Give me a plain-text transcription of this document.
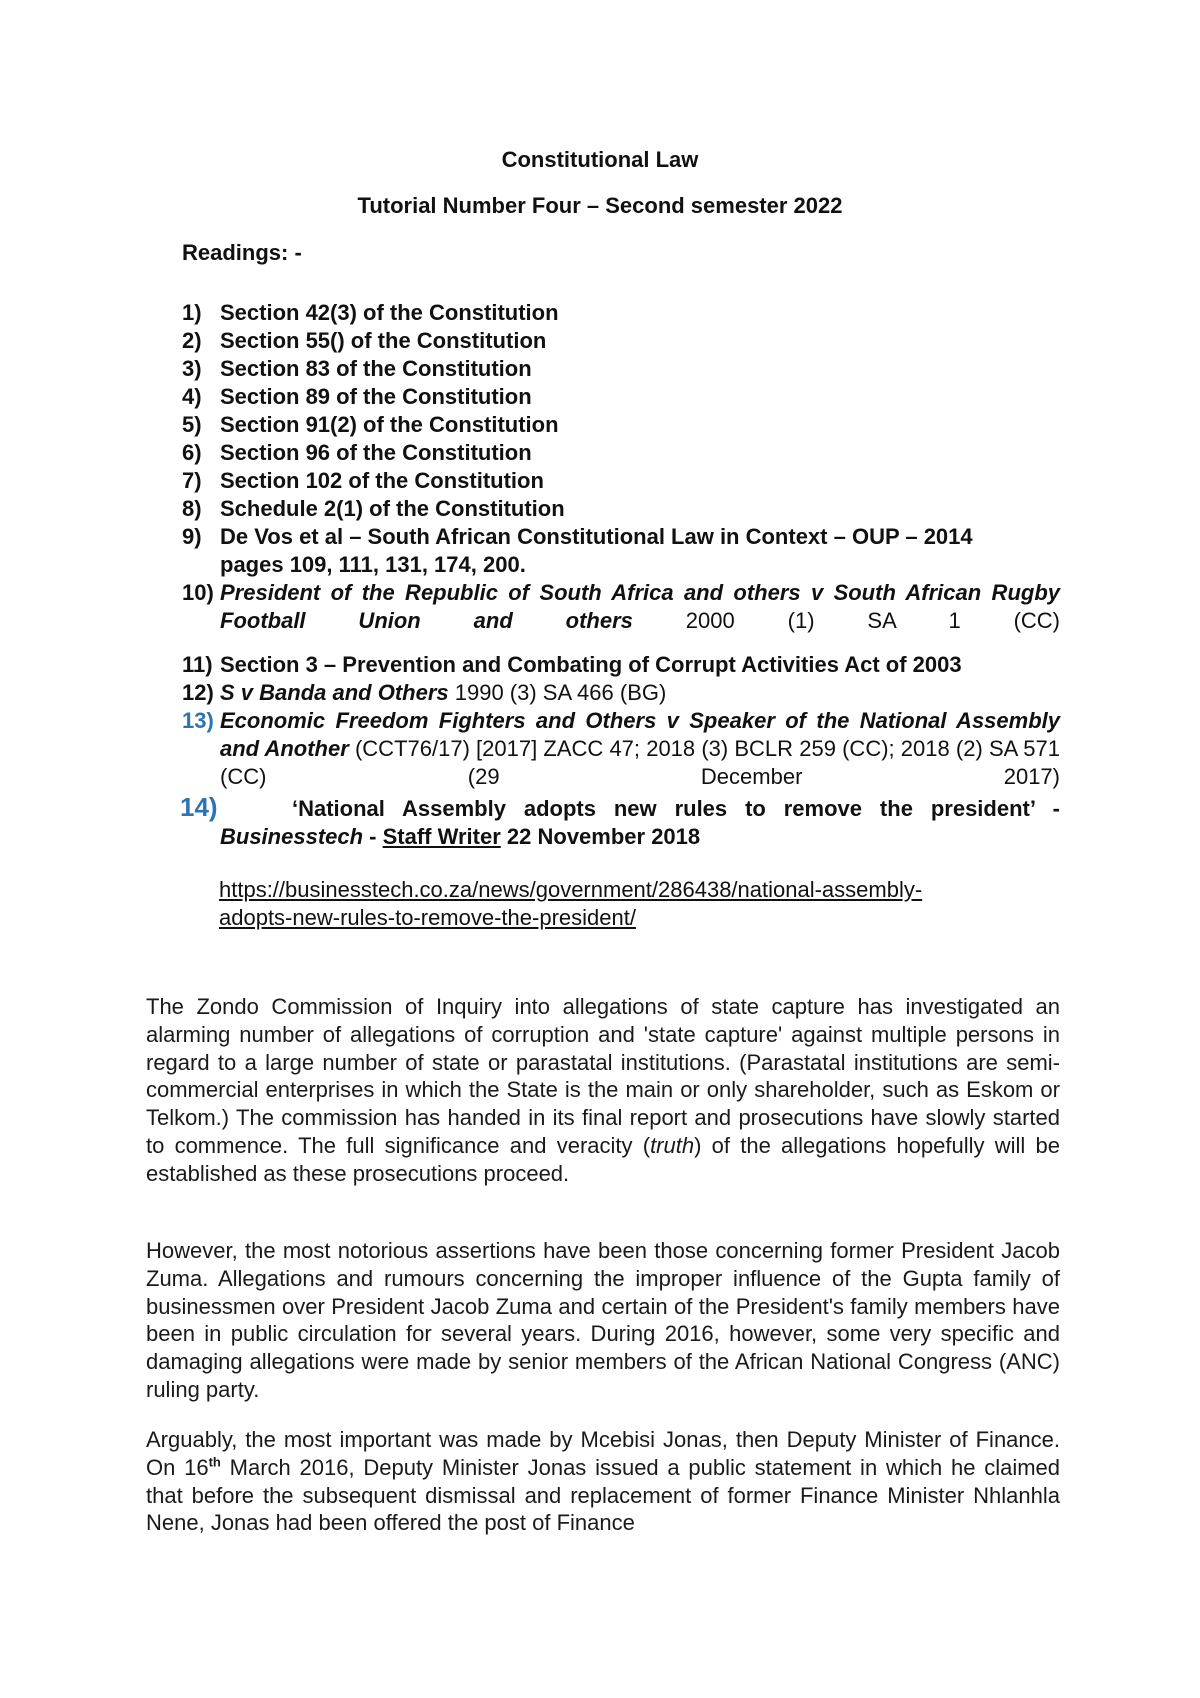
Constitutional Law
Tutorial Number Four – Second semester 2022
Readings: -
1) Section 42(3) of the Constitution
2) Section 55() of the Constitution
3) Section 83 of the Constitution
4) Section 89 of the Constitution
5) Section 91(2) of the Constitution
6) Section 96 of the Constitution
7) Section 102 of the Constitution
8) Schedule 2(1) of the Constitution
9) De Vos et al – South African Constitutional Law in Context – OUP – 2014
pages 109, 111, 131, 174, 200.
10) President of the Republic of South Africa and others v South African Rugby Football Union and others 2000 (1) SA 1 (CC)
11) Section 3 – Prevention and Combating of Corrupt Activities Act of 2003
12) S v Banda and Others 1990 (3) SA 466 (BG)
13) Economic Freedom Fighters and Others v Speaker of the National Assembly and Another (CCT76/17) [2017] ZACC 47; 2018 (3) BCLR 259 (CC); 2018 (2) SA 571 (CC) (29 December 2017)
14)	‘National Assembly adopts new rules to remove the president’ -
Businesstech - Staff Writer 22 November 2018
https://businesstech.co.za/news/government/286438/national-assembly-
adopts-new-rules-to-remove-the-president/
The Zondo Commission of Inquiry into allegations of state capture has investigated an alarming number of allegations of corruption and 'state capture' against multiple persons in regard to a large number of state or parastatal institutions. (Parastatal institutions are semi-commercial enterprises in which the State is the main or only shareholder, such as Eskom or Telkom.) The commission has handed in its final report and prosecutions have slowly started to commence. The full significance and veracity (truth) of the allegations hopefully will be established as these prosecutions proceed.
However, the most notorious assertions have been those concerning former President Jacob Zuma. Allegations and rumours concerning the improper influence of the Gupta family of businessmen over President Jacob Zuma and certain of the President's family members have been in public circulation for several years. During 2016, however, some very specific and damaging allegations were made by senior members of the African National Congress (ANC) ruling party.
Arguably, the most important was made by Mcebisi Jonas, then Deputy Minister of Finance. On 16th March 2016, Deputy Minister Jonas issued a public statement in which he claimed that before the subsequent dismissal and replacement of former Finance Minister Nhlanhla Nene, Jonas had been offered the post of Finance
